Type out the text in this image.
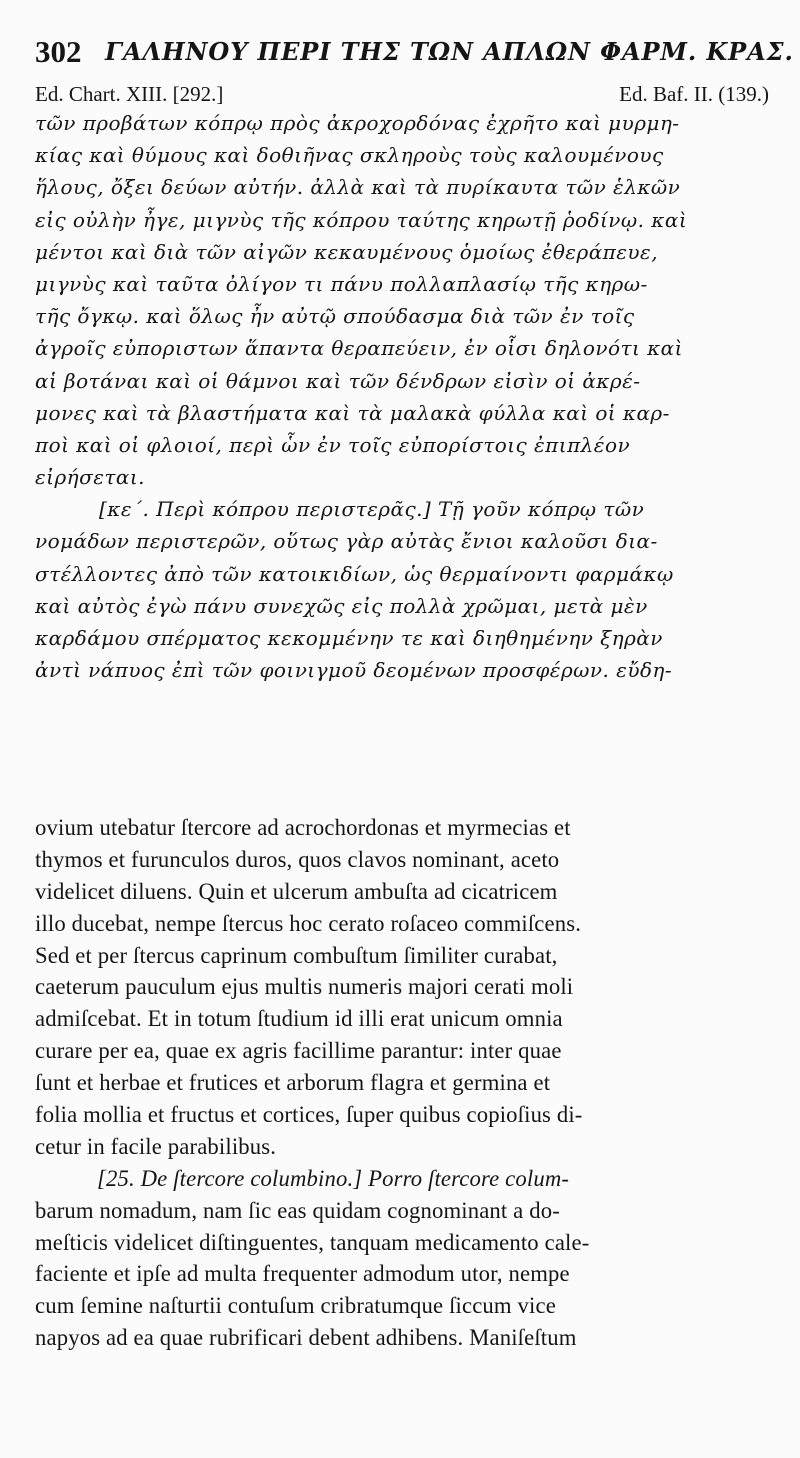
302 ΓΑΛΗΝΟΥ ΠΕΡΙ ΤΗΣ ΤΩΝ ΑΠΛΩΝ ΦΑΡΜ. ΚΡΑΣ.
Ed. Chart. XIII. [292.]	Ed. Baf. II. (139.)
τῶν προβάτων κόπρῳ πρὸς ἀκροχορδόνας ἐχρῆτο καὶ μυρμη-
κίας καὶ θύμους καὶ δοθιῆνας σκληροὺς τοὺς καλουμένους
ἥλους, ὄξει δεύων αὐτήν. ἀλλὰ καὶ τὰ πυρίκαυτα τῶν ἑλκῶν
εἰς οὐλὴν ἦγε, μιγνὺς τῆς κόπρου ταύτης κηρωτῇ ῥοδίνῳ. καὶ
μέντοι καὶ διὰ τῶν αἰγῶν κεκαυμένους ὁμοίως ἐθεράπευε,
μιγνὺς καὶ ταῦτα ὀλίγον τι πάνυ πολλαπλασίῳ τῆς κηρω-
τῆς ὄγκῳ. καὶ ὅλως ἦν αὐτῷ σπούδασμα διὰ τῶν ἐν τοῖς
ἀγροῖς εὐποριστων ἅπαντα θεραπεύειν, ἐν οἷσι δηλονότι καὶ
αἱ βοτάναι καὶ οἱ θάμνοι καὶ τῶν δένδρων εἰσὶν οἱ ἀκρέ-
μονες καὶ τὰ βλαστήματα καὶ τὰ μαλακὰ φύλλα καὶ οἱ καρ-
ποὶ καὶ οἱ φλοιοί, περὶ ὧν ἐν τοῖς εὐπορίστοις ἐπιπλέον
εἰρήσεται.
[κε΄. Περὶ κόπρου περιστερᾶς.] Τῇ γοῦν κόπρῳ τῶν
νομάδων περιστερῶν, οὕτως γὰρ αὐτὰς ἔνιοι καλοῦσι δια-
στέλλοντες ἀπὸ τῶν κατοικιδίων, ὡς θερμαίνοντι φαρμάκῳ
καὶ αὐτὸς ἐγὼ πάνυ συνεχῶς εἰς πολλὰ χρῶμαι, μετὰ μὲν
καρδάμου σπέρματος κεκομμένην τε καὶ διηθημένην ξηρὰν
ἀντὶ νάπυος ἐπὶ τῶν φοινιγμοῦ δεομένων προσφέρων. εὔδη-
ovium utebatur ſtercore ad acrochordonas et myrmecias et
thymos et furunculos duros, quos clavos nominant, aceto
videlicet diluens. Quin et ulcerum ambuſta ad cicatricem
illo ducebat, nempe ſtercus hoc cerato roſaceo commiſcens.
Sed et per ſtercus caprinum combuſtum ſimiliter curabat,
caeterum pauculum ejus multis numeris majori cerati moli
admiſcebat. Et in totum ſtudium id illi erat unicum omnia
curare per ea, quae ex agris facillime parantur: inter quae
ſunt et herbae et frutices et arborum flagra et germina et
folia mollia et fructus et cortices, ſuper quibus copioſius di-
cetur in facile parabilibus.
[25. De ſtercore columbino.] Porro ſtercore colum-
barum nomadum, nam ſic eas quidam cognominant a do-
meſticis videlicet diſtinguentes, tanquam medicamento cale-
faciente et ipſe ad multa frequenter admodum utor, nempe
cum ſemine naſturtii contuſum cribratumque ſiccum vice
napyos ad ea quae rubrificari debent adhibens. Maniſeſtum
